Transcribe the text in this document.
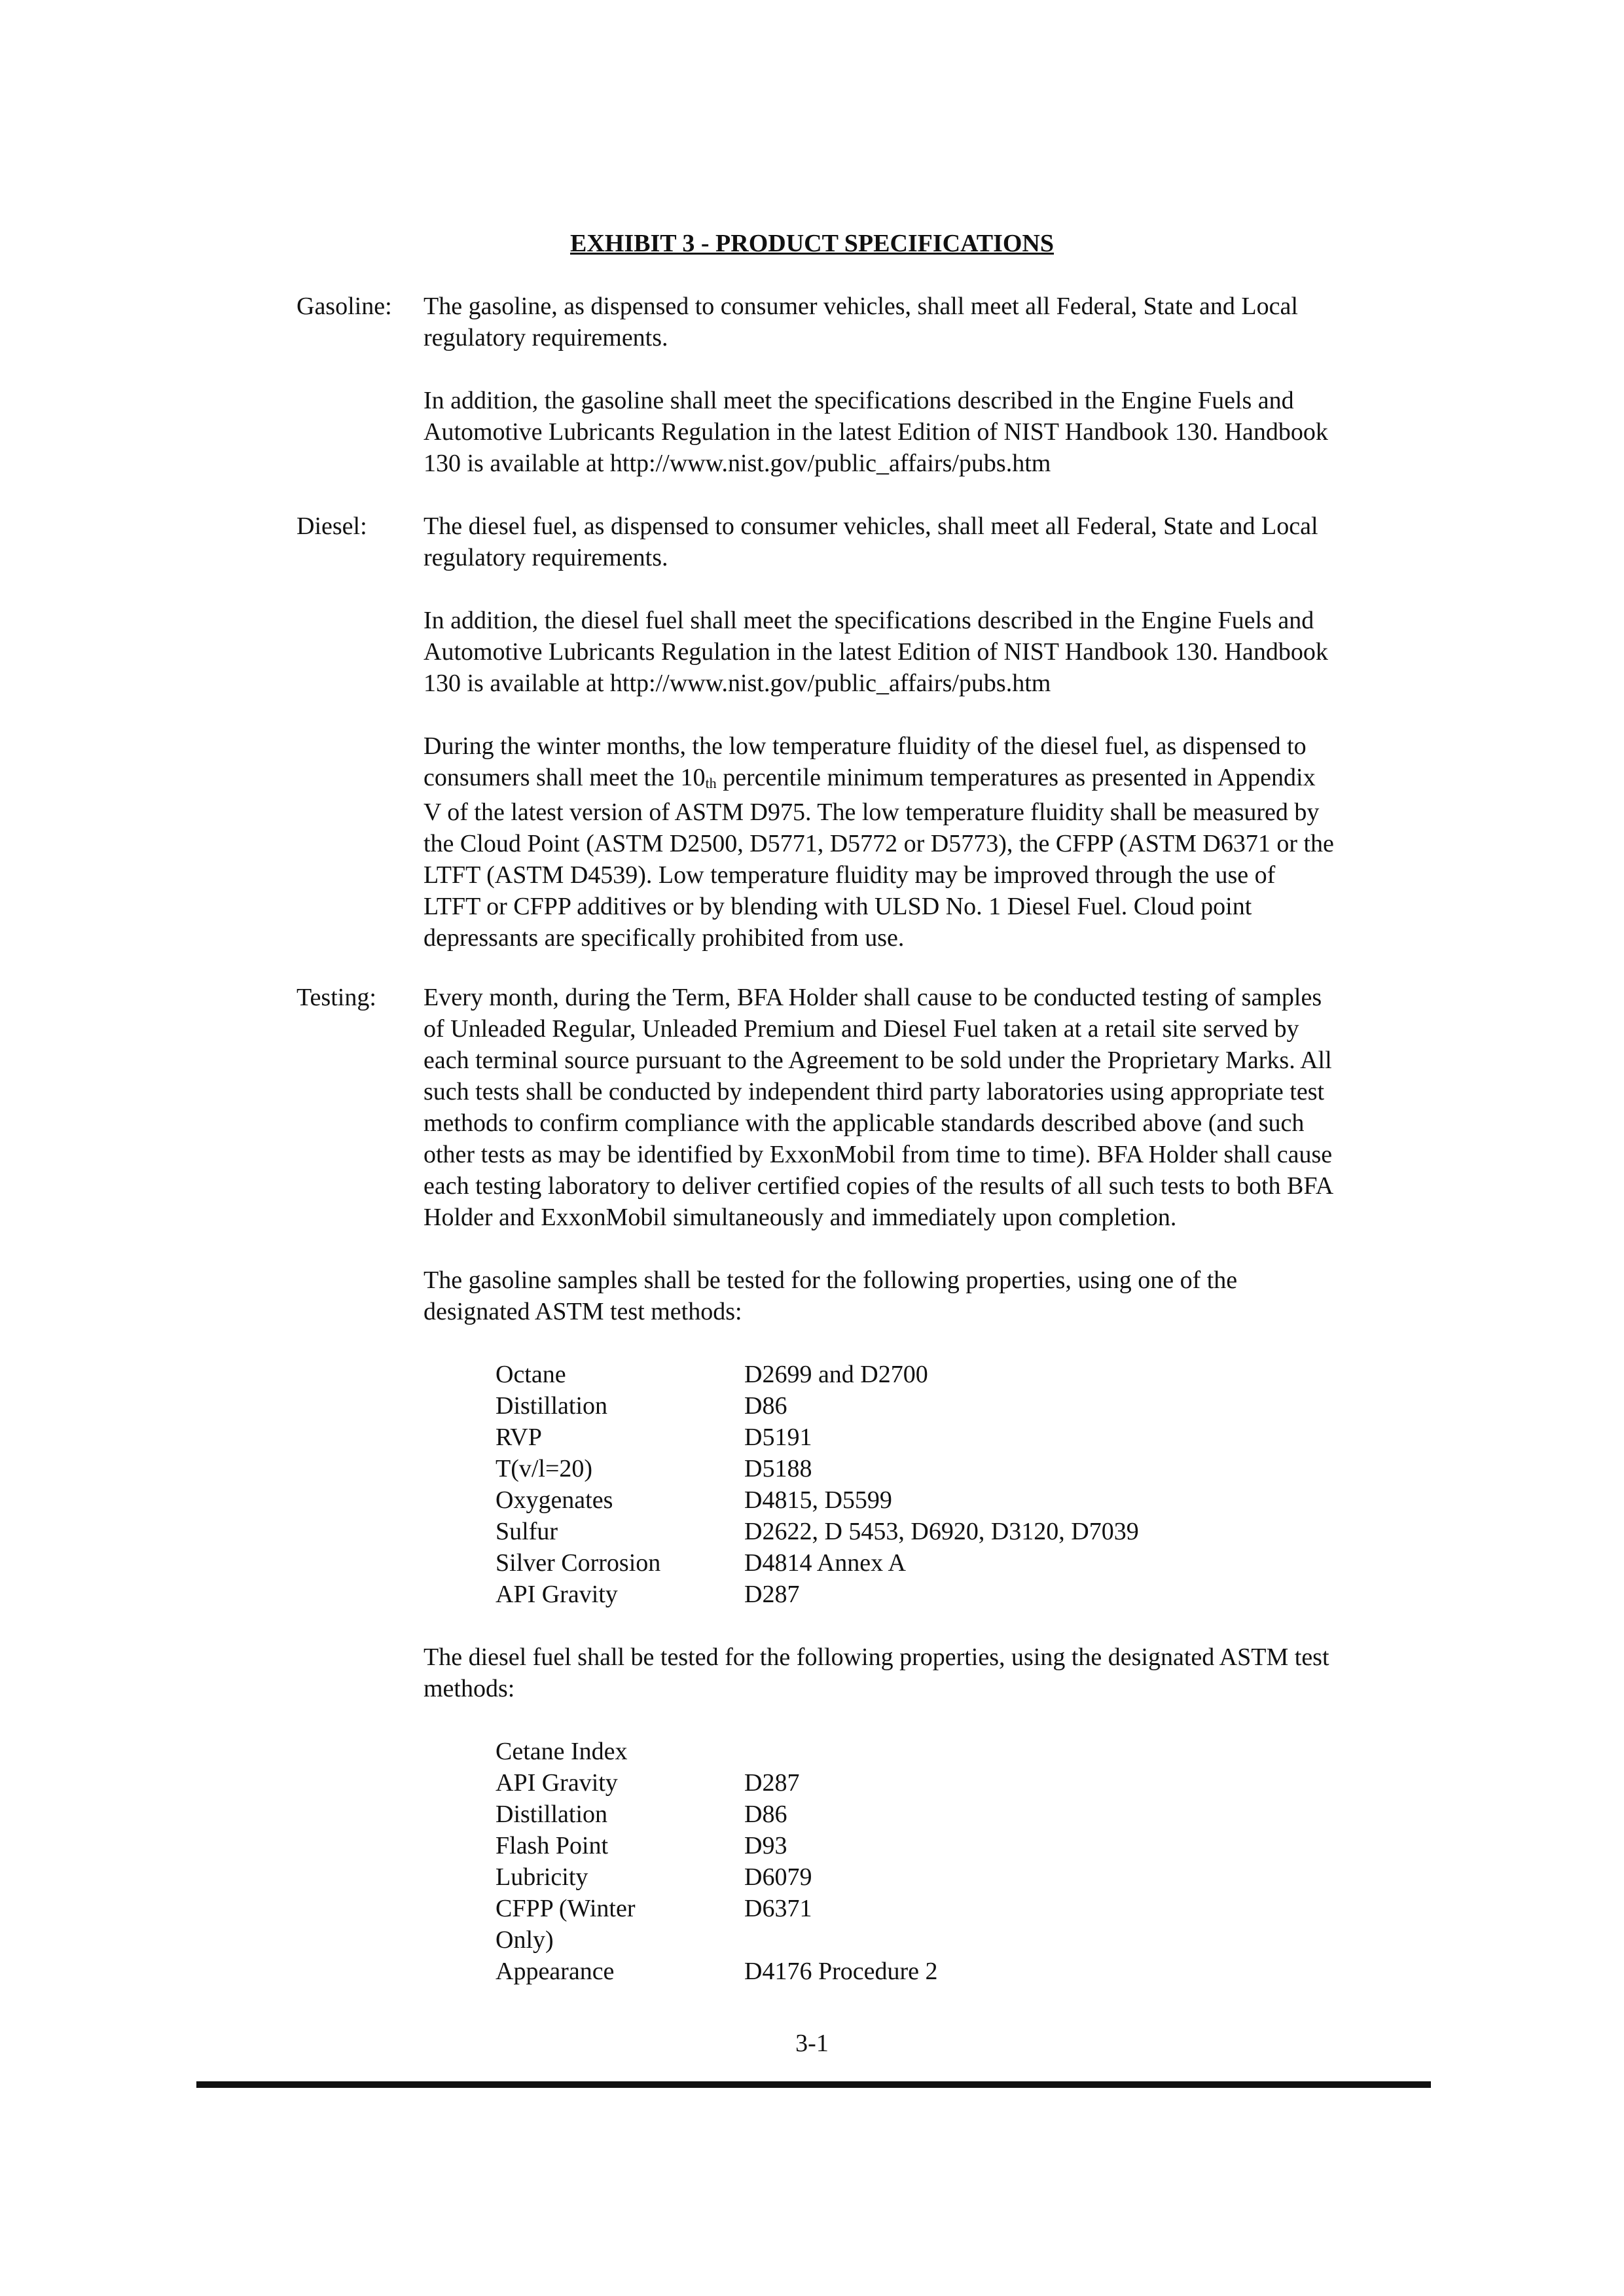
EXHIBIT 3 - PRODUCT SPECIFICATIONS
Gasoline: The gasoline, as dispensed to consumer vehicles, shall meet all Federal, State and Local
regulatory requirements.
In addition, the gasoline shall meet the specifications described in the Engine Fuels and
Automotive Lubricants Regulation in the latest Edition of NIST Handbook 130. Handbook
130 is available at http://www.nist.gov/public_affairs/pubs.htm
Diesel: The diesel fuel, as dispensed to consumer vehicles, shall meet all Federal, State and Local
regulatory requirements.
In addition, the diesel fuel shall meet the specifications described in the Engine Fuels and
Automotive Lubricants Regulation in the latest Edition of NIST Handbook 130. Handbook
130 is available at http://www.nist.gov/public_affairs/pubs.htm
During the winter months, the low temperature fluidity of the diesel fuel, as dispensed to
consumers shall meet the $10_{th}$ percentile minimum temperatures as presented in Appendix
V of the latest version of ASTM D975. The low temperature fluidity shall be measured by
the Cloud Point (ASTM D2500, D5771, D5772 or D5773), the CFPP (ASTM D6371 or the
LTFT (ASTM D4539). Low temperature fluidity may be improved through the use of
LTFT or CFPP additives or by blending with ULSD No. 1 Diesel Fuel. Cloud point
depressants are specifically prohibited from use.
Testing: Every month, during the Term, BFA Holder shall cause to be conducted testing of samples
of Unleaded Regular, Unleaded Premium and Diesel Fuel taken at a retail site served by
each terminal source pursuant to the Agreement to be sold under the Proprietary Marks. All
such tests shall be conducted by independent third party laboratories using appropriate test
methods to confirm compliance with the applicable standards described above (and such
other tests as may be identified by ExxonMobil from time to time). BFA Holder shall cause
each testing laboratory to deliver certified copies of the results of all such tests to both BFA
Holder and ExxonMobil simultaneously and immediately upon completion.
The gasoline samples shall be tested for the following properties, using one of the
designated ASTM test methods:
Octane	D2699 and D2700
Distillation	D86
RVP	D5191
T(v/l=20)	D5188
Oxygenates	D4815, D5599
Sulfur	D2622, D 5453, D6920, D3120, D7039
Silver Corrosion	D4814 Annex A
API Gravity	D287
The diesel fuel shall be tested for the following properties, using the designated ASTM test
methods:
Cetane Index
API Gravity	D287
Distillation	D86
Flash Point	D93
Lubricity	D6079
CFPP (Winter	D6371
Only)
Appearance	D4176 Procedure 2
3-1
